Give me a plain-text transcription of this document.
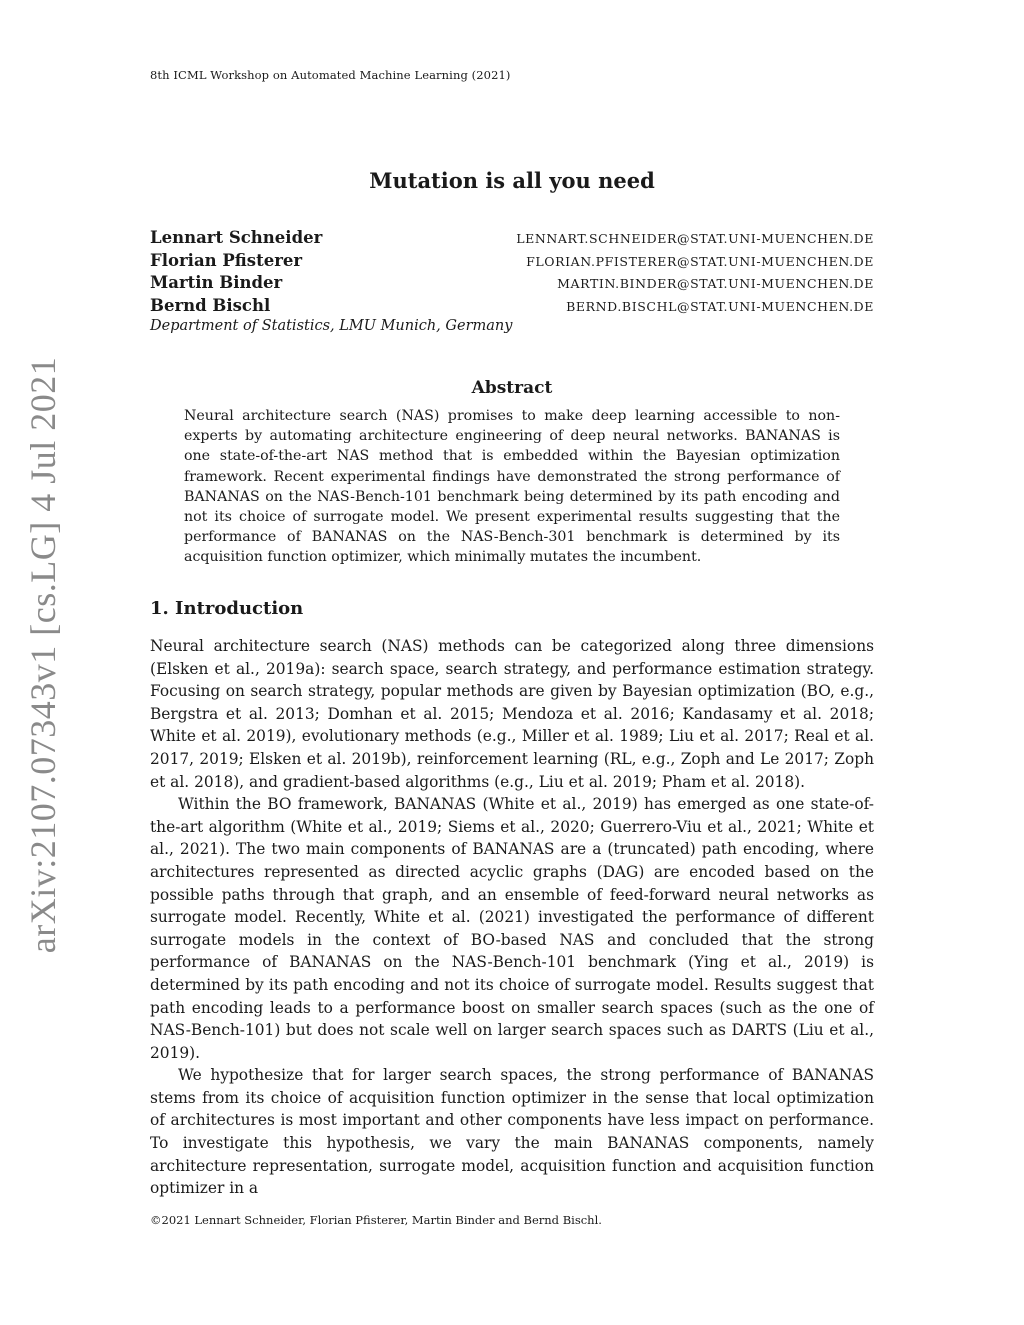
8th ICML Workshop on Automated Machine Learning (2021)
arXiv:2107.07343v1 [cs.LG] 4 Jul 2021
Mutation is all you need
Lennart Schneider	LENNART.SCHNEIDER@STAT.UNI-MUENCHEN.DE
Florian Pfisterer	FLORIAN.PFISTERER@STAT.UNI-MUENCHEN.DE
Martin Binder	MARTIN.BINDER@STAT.UNI-MUENCHEN.DE
Bernd Bischl	BERND.BISCHL@STAT.UNI-MUENCHEN.DE
Department of Statistics, LMU Munich, Germany
Abstract
Neural architecture search (NAS) promises to make deep learning accessible to non-experts by automating architecture engineering of deep neural networks. BANANAS is one state-of-the-art NAS method that is embedded within the Bayesian optimization framework. Recent experimental findings have demonstrated the strong performance of BANANAS on the NAS-Bench-101 benchmark being determined by its path encoding and not its choice of surrogate model. We present experimental results suggesting that the performance of BANANAS on the NAS-Bench-301 benchmark is determined by its acquisition function optimizer, which minimally mutates the incumbent.
1. Introduction

Neural architecture search (NAS) methods can be categorized along three dimensions (Elsken et al., 2019a): search space, search strategy, and performance estimation strategy. Focusing on search strategy, popular methods are given by Bayesian optimization (BO, e.g., Bergstra et al. 2013; Domhan et al. 2015; Mendoza et al. 2016; Kandasamy et al. 2018; White et al. 2019), evolutionary methods (e.g., Miller et al. 1989; Liu et al. 2017; Real et al. 2017, 2019; Elsken et al. 2019b), reinforcement learning (RL, e.g., Zoph and Le 2017; Zoph et al. 2018), and gradient-based algorithms (e.g., Liu et al. 2019; Pham et al. 2018).

Within the BO framework, BANANAS (White et al., 2019) has emerged as one state-of-the-art algorithm (White et al., 2019; Siems et al., 2020; Guerrero-Viu et al., 2021; White et al., 2021). The two main components of BANANAS are a (truncated) path encoding, where architectures represented as directed acyclic graphs (DAG) are encoded based on the possible paths through that graph, and an ensemble of feed-forward neural networks as surrogate model. Recently, White et al. (2021) investigated the performance of different surrogate models in the context of BO-based NAS and concluded that the strong performance of BANANAS on the NAS-Bench-101 benchmark (Ying et al., 2019) is determined by its path encoding and not its choice of surrogate model. Results suggest that path encoding leads to a performance boost on smaller search spaces (such as the one of NAS-Bench-101) but does not scale well on larger search spaces such as DARTS (Liu et al., 2019).

We hypothesize that for larger search spaces, the strong performance of BANANAS stems from its choice of acquisition function optimizer in the sense that local optimization of architectures is most important and other components have less impact on performance. To investigate this hypothesis, we vary the main BANANAS components, namely architecture representation, surrogate model, acquisition function and acquisition function optimizer in a

©2021 Lennart Schneider, Florian Pfisterer, Martin Binder and Bernd Bischl.
